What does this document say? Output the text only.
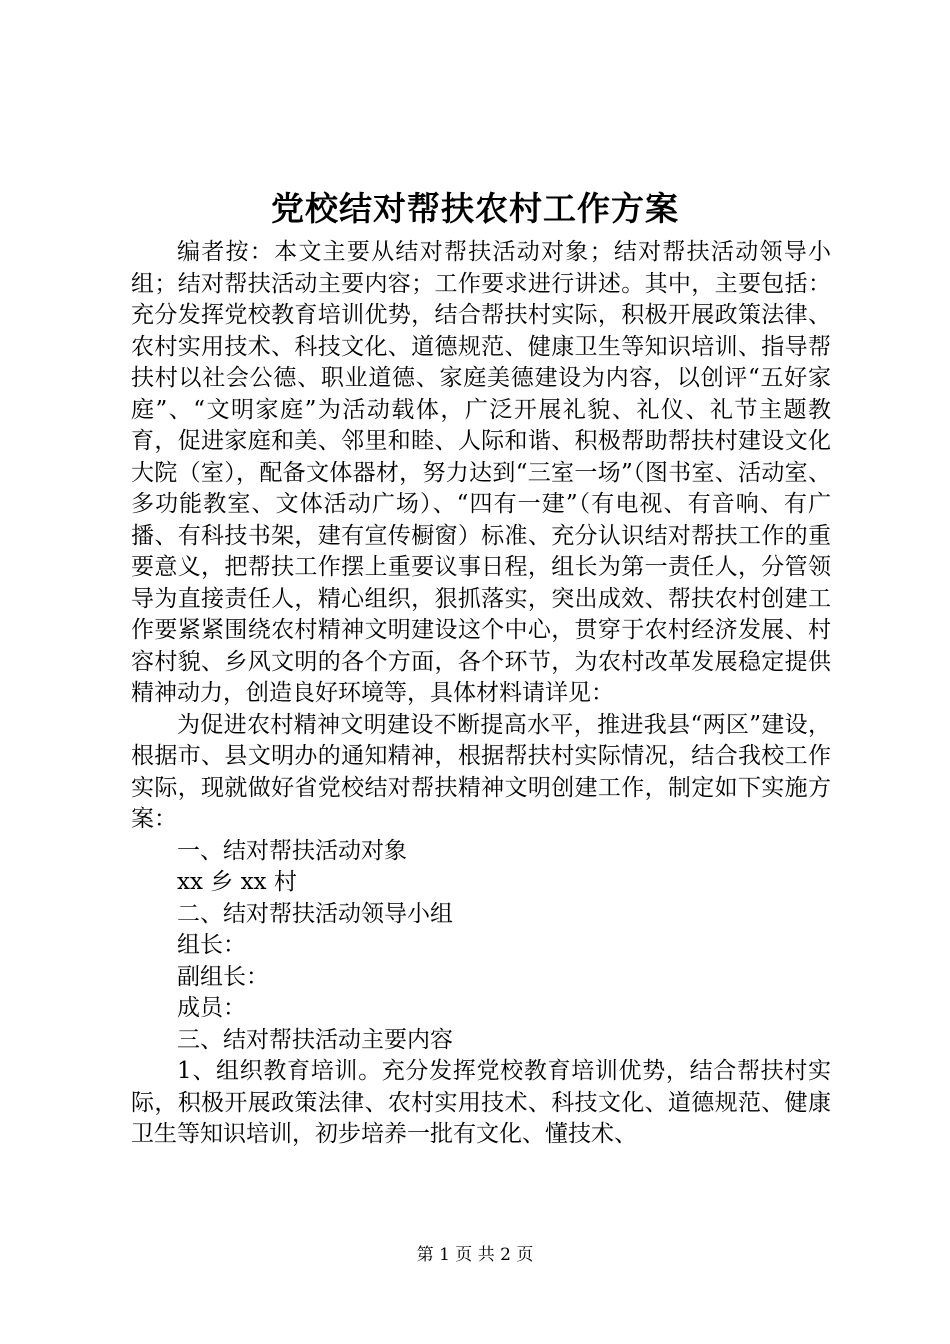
党校结对帮扶农村工作方案

编者按：本文主要从结对帮扶活动对象；结对帮扶活动领导小组；结对帮扶活动主要内容；工作要求进行讲述。其中，主要包括：充分发挥党校教育培训优势，结合帮扶村实际，积极开展政策法律、农村实用技术、科技文化、道德规范、健康卫生等知识培训、指导帮扶村以社会公德、职业道德、家庭美德建设为内容，以创评“五好家庭”、“文明家庭”为活动载体，广泛开展礼貌、礼仪、礼节主题教育，促进家庭和美、邻里和睦、人际和谐、积极帮助帮扶村建设文化大院（室），配备文体器材，努力达到“三室一场”（图书室、活动室、多功能教室、文体活动广场）、“四有一建”（有电视、有音响、有广播、有科技书架，建有宣传橱窗）标准、充分认识结对帮扶工作的重要意义，把帮扶工作摆上重要议事日程，组长为第一责任人，分管领导为直接责任人，精心组织，狠抓落实，突出成效、帮扶农村创建工作要紧紧围绕农村精神文明建设这个中心，贯穿于农村经济发展、村容村貌、乡风文明的各个方面，各个环节，为农村改革发展稳定提供精神动力，创造良好环境等，具体材料请详见：

为促进农村精神文明建设不断提高水平，推进我县“两区”建设，根据市、县文明办的通知精神，根据帮扶村实际情况，结合我校工作实际，现就做好省党校结对帮扶精神文明创建工作，制定如下实施方案：

一、结对帮扶活动对象

xx 乡 xx 村

二、结对帮扶活动领导小组

组长：

副组长：

成员：

三、结对帮扶活动主要内容

1、组织教育培训。充分发挥党校教育培训优势，结合帮扶村实际，积极开展政策法律、农村实用技术、科技文化、道德规范、健康卫生等知识培训，初步培养一批有文化、懂技术、

第 1 页 共 2 页
